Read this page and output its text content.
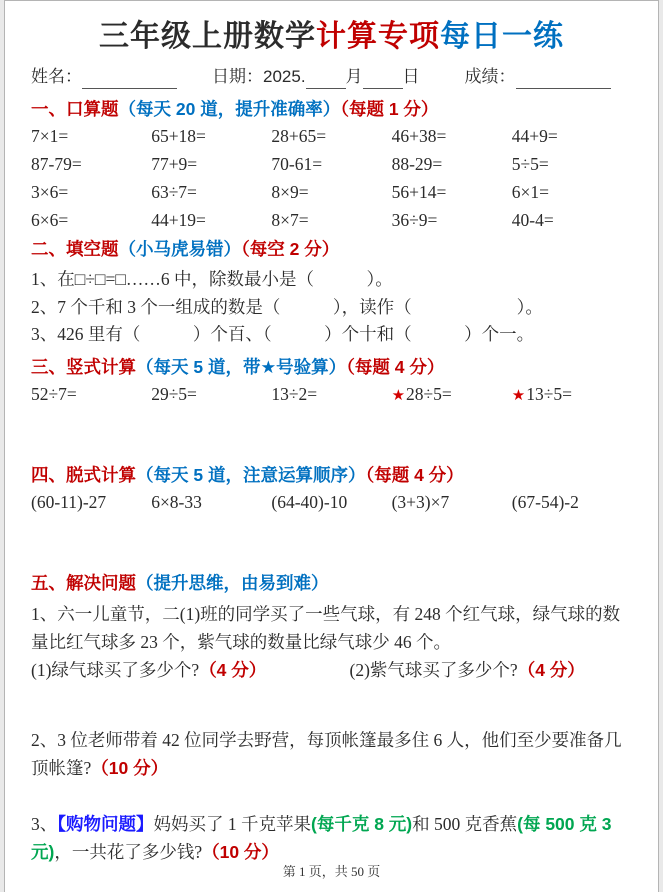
三年级上册数学计算专项每日一练
姓名：	日期： 2025. 月 日	成绩：
一、口算题（每天 20 道，提升准确率）（每题 1 分）
7×1=	65+18=	28+65=	46+38=	44+9=
87-79=	77+9=	70-61=	88-29=	5÷5=
3×6=	63÷7=	8×9=	56+14=	6×1=
6×6=	44+19=	8×7=	36÷9=	40-4=
二、填空题（小马虎易错）（每空 2 分）
1、在□÷□=□……6 中，除数最小是（　　　）。
2、7 个千和 3 个一组成的数是（　　　），读作（　　　　　　）。
3、426 里有（　　　）个百、（　　　）个十和（　　　）个一。
三、竖式计算（每天 5 道，带★号验算）（每题 4 分）
52÷7=	29÷5=	13÷2=	★28÷5=	★13÷5=
四、脱式计算（每天 5 道，注意运算顺序）（每题 4 分）
(60-11)-27	6×8-33	(64-40)-10	(3+3)×7	(67-54)-2
五、解决问题（提升思维，由易到难）

1、六一儿童节，二(1)班的同学买了一些气球，有 248 个红气球，绿气球的数量比红气球多 23 个，紫气球的数量比绿气球少 46 个。

(1)绿气球买了多少个?（4 分）	(2)紫气球买了多少个?（4 分）

2、3 位老师带着 42 位同学去野营，每顶帐篷最多住 6 人，他们至少要准备几顶帐篷?（10 分）

3、【购物问题】妈妈买了 1 千克苹果(每千克 8 元)和 500 克香蕉(每 500 克 3 元)，一共花了多少钱?（10 分）

第 1 页，共 50 页
